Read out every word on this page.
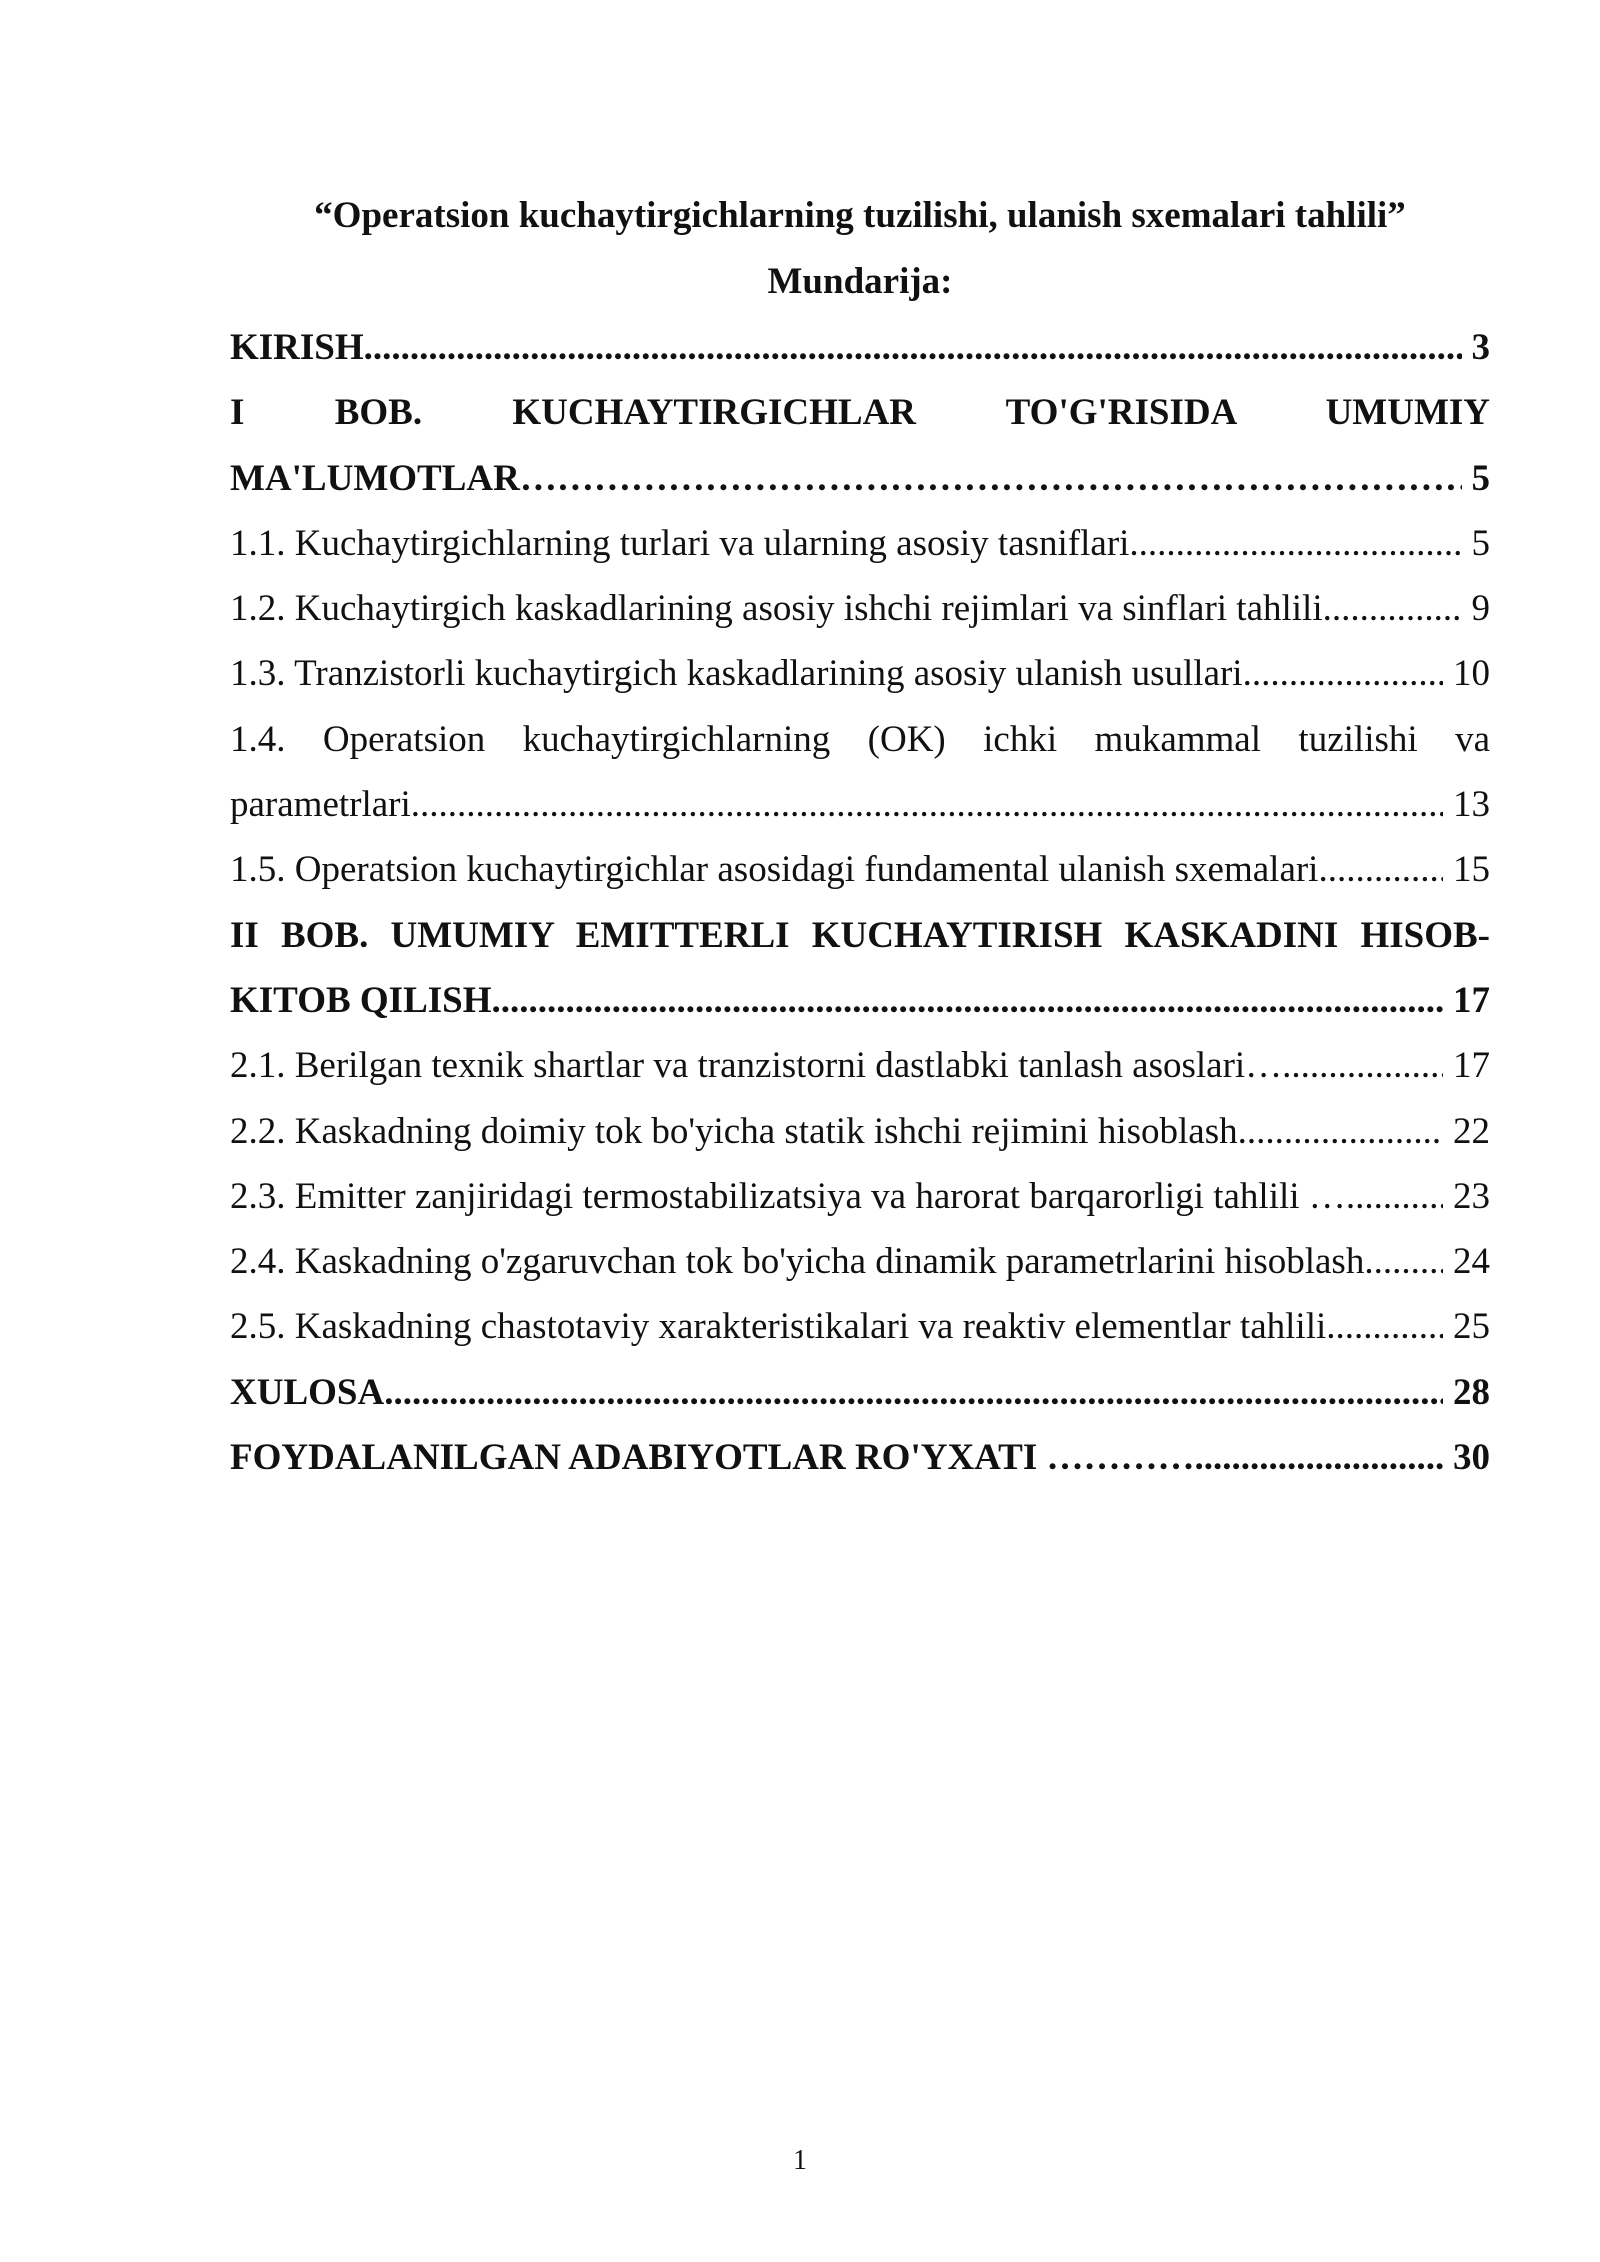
“Operatsion kuchaytirgichlarning tuzilishi, ulanish sxemalari tahlili”
Mundarija:
KIRISH .....	3
I BOB. KUCHAYTIRGICHLAR TO'G'RISIDA UMUMIY
MA'LUMOTLAR ………………………………………………………………………………………………………………………………………………………………	5
1.1. Kuchaytirgichlarning turlari va ularning asosiy tasniflari .....	5
1.2. Kuchaytirgich kaskadlarining asosiy ishchi rejimlari va sinflari tahlili .....	9
1.3. Tranzistorli kuchaytirgich kaskadlarining asosiy ulanish usullari .....	10
1.4. Operatsion kuchaytirgichlarning (OK) ichki mukammal tuzilishi va
parametrlari .....	13
1.5. Operatsion kuchaytirgichlar asosidagi fundamental ulanish sxemalari .....	15
II BOB. UMUMIY EMITTERLI KUCHAYTIRISH KASKADINI HISOB-
KITOB QILISH .....	17
2.1. Berilgan texnik shartlar va tranzistorni dastlabki tanlash asoslari… .....	17
2.2. Kaskadning doimiy tok bo'yicha statik ishchi rejimini hisoblash .....	22
2.3. Emitter zanjiridagi termostabilizatsiya va harorat barqarorligi tahlili … .....	23
2.4. Kaskadning o'zgaruvchan tok bo'yicha dinamik parametrlarini hisoblash ..... 24
2.5. Kaskadning chastotaviy xarakteristikalari va reaktiv elementlar tahlili .....	25
XULOSA .....	28
FOYDALANILGAN ADABIYOTLAR RO'YXATI ………… .....	30
1
